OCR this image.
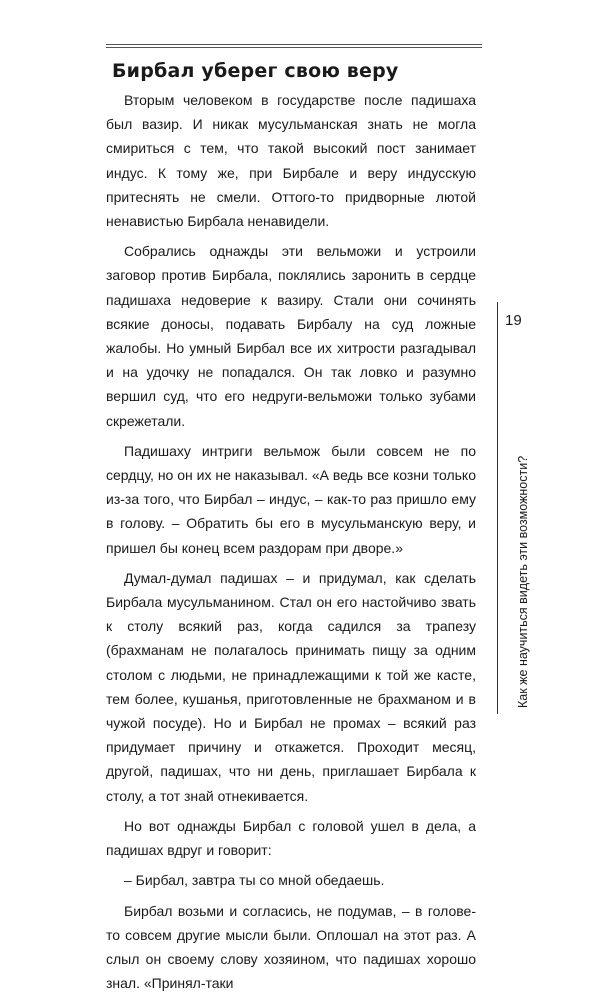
Бирбал уберег свою веру

Вторым человеком в государстве после падишаха был вазир. И никак мусульманская знать не могла смириться с тем, что такой высокий пост занимает индус. К тому же, при Бирбале и веру индусскую притеснять не смели. Оттого-то придворные лютой ненавистью Бирбала ненавидели.

Собрались однажды эти вельможи и устроили заговор против Бирбала, поклялись заронить в сердце падишаха недоверие к вазиру. Стали они сочинять всякие доносы, подавать Бирбалу на суд ложные жалобы. Но умный Бирбал все их хитрости разгадывал и на удочку не попадался. Он так ловко и разумно вершил суд, что его недруги-вельможи только зубами скрежетали.

Падишаху интриги вельмож были совсем не по сердцу, но он их не наказывал. «А ведь все козни только из-за того, что Бирбал – индус, – как-то раз пришло ему в голову. – Обратить бы его в мусульманскую веру, и пришел бы конец всем раздорам при дворе.»

Думал-думал падишах – и придумал, как сделать Бирбала мусульманином. Стал он его настойчиво звать к столу всякий раз, когда садился за трапезу (брахманам не полагалось принимать пищу за одним столом с людьми, не принадлежащими к той же касте, тем более, кушанья, приготовленные не брахманом и в чужой посуде). Но и Бирбал не промах – всякий раз придумает причину и откажется. Проходит месяц, другой, падишах, что ни день, приглашает Бирбала к столу, а тот знай отнекивается.

Но вот однажды Бирбал с головой ушел в дела, а падишах вдруг и говорит:

– Бирбал, завтра ты со мной обедаешь.

Бирбал возьми и согласись, не подумав, – в голове-то совсем другие мысли были. Оплошал на этот раз. А слыл он своему слову хозяином, что падишах хорошо знал. «Принял-таки

19
Как же научиться видеть эти возможности?
